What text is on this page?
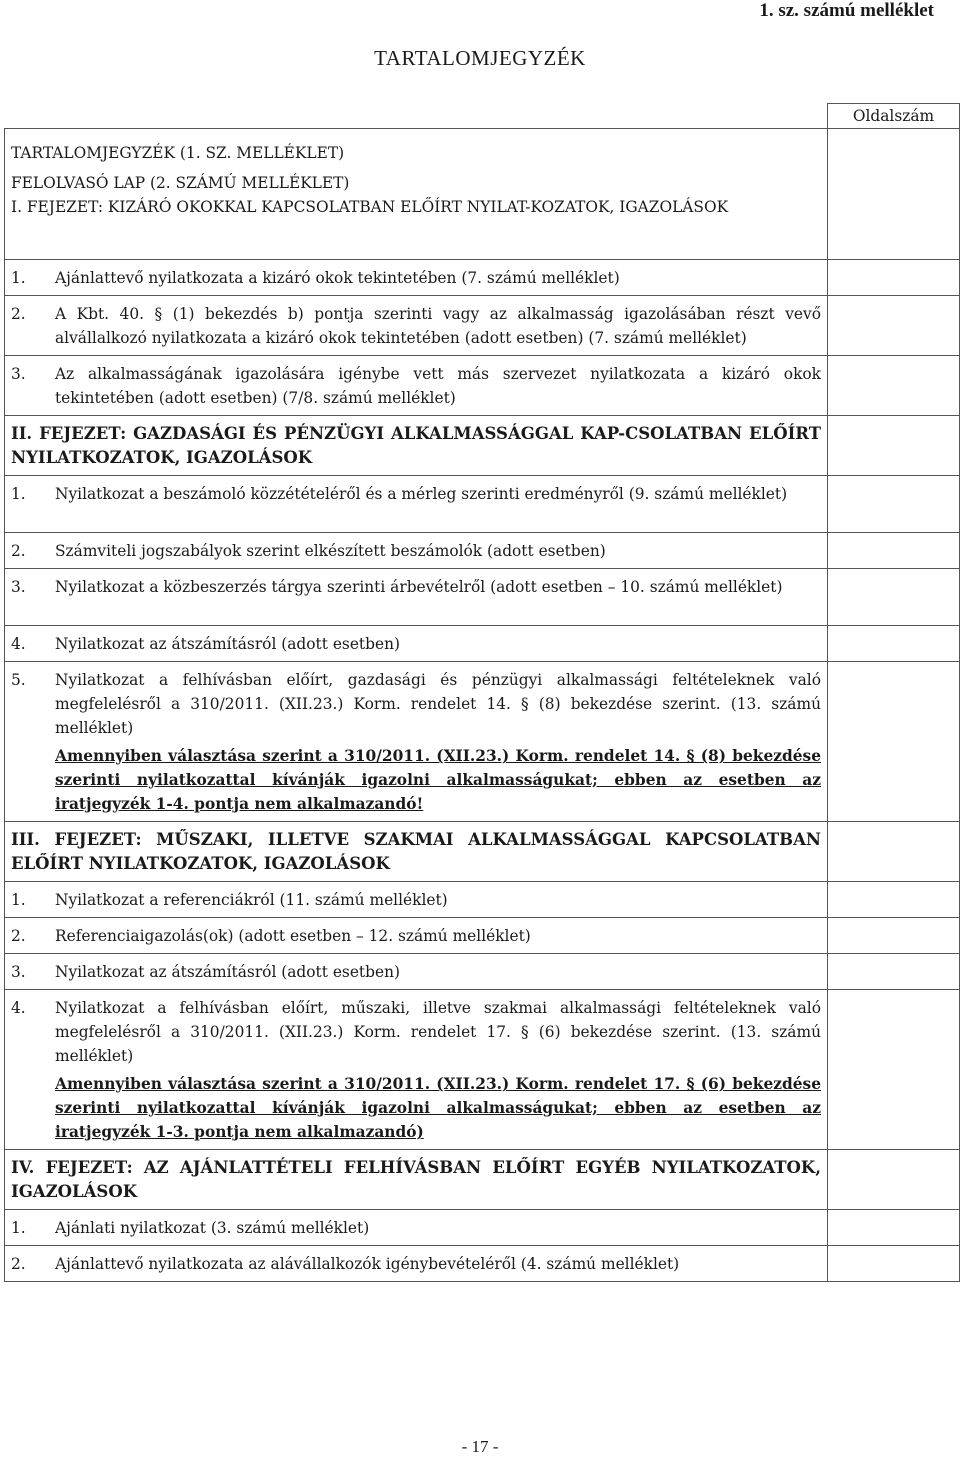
1. sz. számú melléklet
TARTALOMJEGYZÉK
	Oldalszám

TARTALOMJEGYZÉK (1. SZ. MELLÉKLET)
FELOLVASÓ LAP (2. SZÁMÚ MELLÉKLET)
I. FEJEZET: KIZÁRÓ OKOKKAL KAPCSOLATBAN ELŐÍRT NYILAT-KOZATOK, IGAZOLÁSOK	

1. Ajánlattevő nyilatkozata a kizáró okok tekintetében (7. számú melléklet)	

2. A Kbt. 40. § (1) bekezdés b) pontja szerinti vagy az alkalmasság igazolásában részt vevő alvállalkozó nyilatkozata a kizáró okok tekintetében (adott esetben) (7. számú melléklet)	

3. Az alkalmasságának igazolására igénybe vett más szervezet nyilatkozata a kizáró okok tekintetében (adott esetben) (7/8. számú melléklet)	

II. FEJEZET: GAZDASÁGI ÉS PÉNZÜGYI ALKALMASSÁGGAL KAP-CSOLATBAN ELŐÍRT NYILATKOZATOK, IGAZOLÁSOK	

1. Nyilatkozat a beszámoló közzétételéről és a mérleg szerinti eredményről (9. számú melléklet)	

2. Számviteli jogszabályok szerint elkészített beszámolók (adott esetben)	

3. Nyilatkozat a közbeszerzés tárgya szerinti árbevételről (adott esetben – 10. számú melléklet)	

4. Nyilatkozat az átszámításról (adott esetben)	

5. Nyilatkozat a felhívásban előírt, gazdasági és pénzügyi alkalmassági feltételeknek való megfelelésről a 310/2011. (XII.23.) Korm. rendelet 14. § (8) bekezdése szerint. (13. számú melléklet)
Amennyiben választása szerint a 310/2011. (XII.23.) Korm. rendelet 14. § (8) bekezdése szerinti nyilatkozattal kívánják igazolni alkalmasságukat; ebben az esetben az iratjegyzék 1-4. pontja nem alkalmazandó!	

III. FEJEZET: MŰSZAKI, ILLETVE SZAKMAI ALKALMASSÁGGAL KAPCSOLATBAN ELŐÍRT NYILATKOZATOK, IGAZOLÁSOK	

1. Nyilatkozat a referenciákról (11. számú melléklet)	

2. Referenciaigazolás(ok) (adott esetben – 12. számú melléklet)	

3. Nyilatkozat az átszámításról (adott esetben)	

4. Nyilatkozat a felhívásban előírt, műszaki, illetve szakmai alkalmassági feltételeknek való megfelelésről a 310/2011. (XII.23.) Korm. rendelet 17. § (6) bekezdése szerint. (13. számú melléklet)
Amennyiben választása szerint a 310/2011. (XII.23.) Korm. rendelet 17. § (6) bekezdése szerinti nyilatkozattal kívánják igazolni alkalmasságukat; ebben az esetben az iratjegyzék 1-3. pontja nem alkalmazandó)	

IV. FEJEZET: AZ AJÁNLATTÉTELI FELHÍVÁSBAN ELŐÍRT EGYÉB NYILATKOZATOK, IGAZOLÁSOK	

1. Ajánlati nyilatkozat (3. számú melléklet)	

2. Ajánlattevő nyilatkozata az alávállalkozók igénybevételéről (4. számú melléklet)	

- 17 -
